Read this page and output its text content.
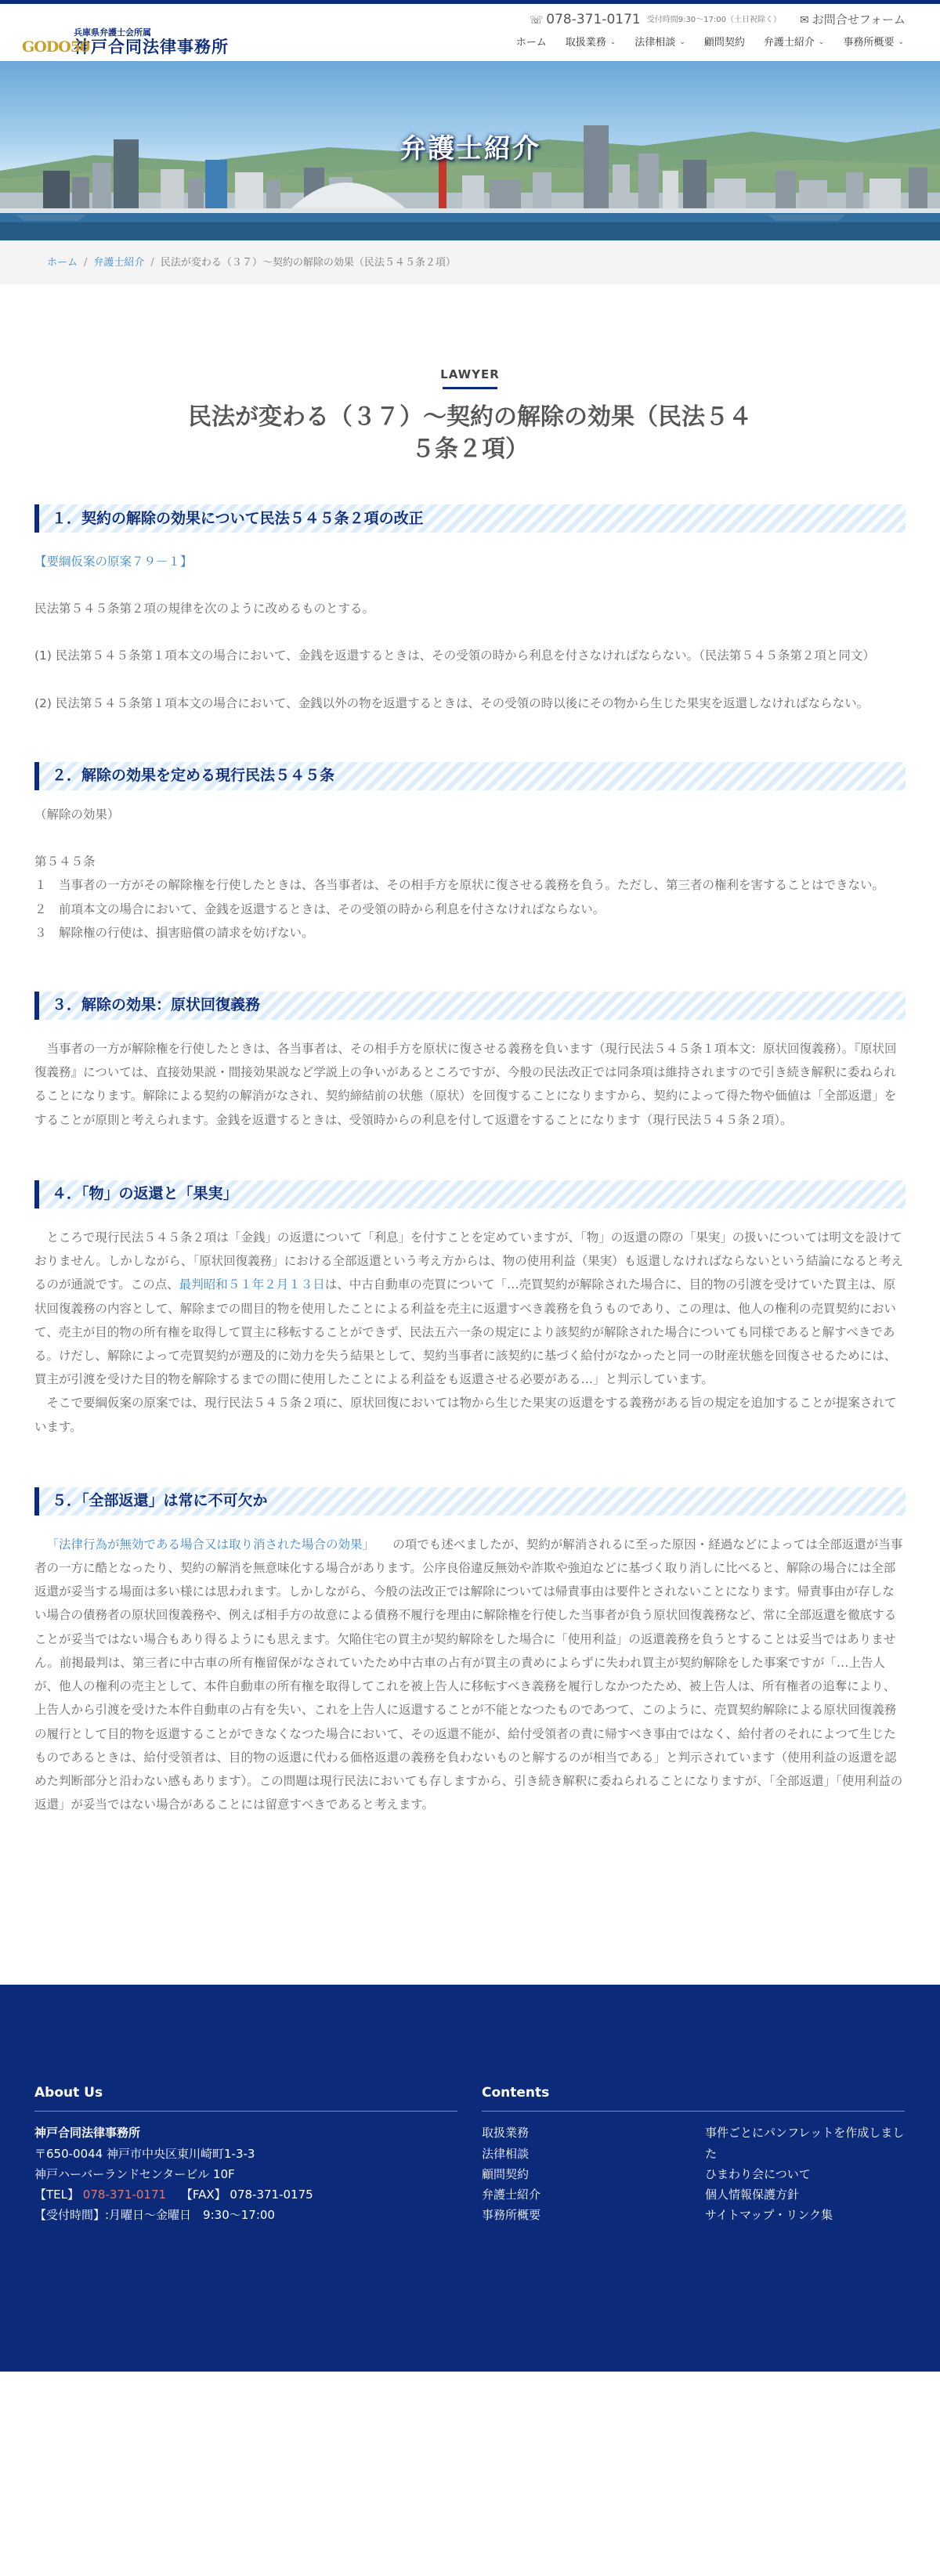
GODO50
兵庫県弁護士会所属
神戸合同法律事務所
☏ 078-371-0171 受付時間9:30〜17:00（土日祝除く） ✉ お問合せフォーム
ホーム 取扱業務 ⌄ 法律相談 ⌄ 顧問契約 弁護士紹介 ⌄ 事務所概要 ⌄
弁護士紹介
ホーム / 弁護士紹介 / 民法が変わる（３７）〜契約の解除の効果（民法５４５条２項）
LAWYER
民法が変わる（３７）〜契約の解除の効果（民法５４５条２項）
１．契約の解除の効果について民法５４５条２項の改正

【要綱仮案の原案７９－１】

民法第５４５条第２項の規律を次のように改めるものとする。

(1) 民法第５４５条第１項本文の場合において、金銭を返還するときは、その受領の時から利息を付さなければならない。（民法第５４５条第２項と同文）

(2) 民法第５４５条第１項本文の場合において、金銭以外の物を返還するときは、その受領の時以後にその物から生じた果実を返還しなければならない。

２．解除の効果を定める現行民法５４５条

（解除の効果）

第５４５条

１　当事者の一方がその解除権を行使したときは、各当事者は、その相手方を原状に復させる義務を負う。ただし、第三者の権利を害することはできない。

２　前項本文の場合において、金銭を返還するときは、その受領の時から利息を付さなければならない。

３　解除権の行使は、損害賠償の請求を妨げない。

３．解除の効果：原状回復義務

当事者の一方が解除権を行使したときは、各当事者は、その相手方を原状に復させる義務を負います（現行民法５４５条１項本文：原状回復義務）。『原状回復義務』については、直接効果説・間接効果説など学説上の争いがあるところですが、今般の民法改正では同条項は維持されますので引き続き解釈に委ねられることになります。解除による契約の解消がなされ、契約締結前の状態（原状）を回復することになりますから、契約によって得た物や価値は「全部返還」をすることが原則と考えられます。金銭を返還するときは、受領時からの利息を付して返還をすることになります（現行民法５４５条２項）。

４．「物」の返還と「果実」

ところで現行民法５４５条２項は「金銭」の返還について「利息」を付すことを定めていますが、「物」の返還の際の「果実」の扱いについては明文を設けておりません。しかしながら、「原状回復義務」における全部返還という考え方からは、物の使用利益（果実）も返還しなければならないという結論になると考えるのが通説です。この点、最判昭和５１年２月１３日は、中古自動車の売買について「…売買契約が解除された場合に、目的物の引渡を受けていた買主は、原状回復義務の内容として、解除までの間目的物を使用したことによる利益を売主に返還すべき義務を負うものであり、この理は、他人の権利の売買契約において、売主が目的物の所有権を取得して買主に移転することができず、民法五六一条の規定により該契約が解除された場合についても同様であると解すべきである。けだし、解除によって売買契約が遡及的に効力を失う結果として、契約当事者に該契約に基づく給付がなかったと同一の財産状態を回復させるためには、買主が引渡を受けた目的物を解除するまでの間に使用したことによる利益をも返還させる必要がある…」と判示しています。

そこで要綱仮案の原案では、現行民法５４５条２項に、原状回復においては物から生じた果実の返還をする義務がある旨の規定を追加することが提案されています。

５．「全部返還」は常に不可欠か

「法律行為が無効である場合又は取り消された場合の効果」 の項でも述べましたが、契約が解消されるに至った原因・経過などによっては全部返還が当事者の一方に酷となったり、契約の解消を無意味化する場合があります。公序良俗違反無効や詐欺や強迫などに基づく取り消しに比べると、解除の場合には全部返還が妥当する場面は多い様には思われます。しかしながら、今般の法改正では解除については帰責事由は要件とされないことになります。帰責事由が存しない場合の債務者の原状回復義務や、例えば相手方の故意による債務不履行を理由に解除権を行使した当事者が負う原状回復義務など、常に全部返還を徹底することが妥当ではない場合もあり得るようにも思えます。欠陥住宅の買主が契約解除をした場合に「使用利益」の返還義務を負うとすることは妥当ではありません。前掲最判は、第三者に中古車の所有権留保がなされていたため中古車の占有が買主の責めによらずに失われ買主が契約解除をした事案ですが「…上告人が、他人の権利の売主として、本件自動車の所有権を取得してこれを被上告人に移転すべき義務を履行しなかつたため、被上告人は、所有権者の追奪により、上告人から引渡を受けた本件自動車の占有を失い、これを上告人に返還することが不能となつたものであつて、このように、売買契約解除による原状回復義務の履行として目的物を返還することができなくなつた場合において、その返還不能が、給付受領者の責に帰すべき事由ではなく、給付者のそれによつて生じたものであるときは、給付受領者は、目的物の返還に代わる価格返還の義務を負わないものと解するのが相当である」と判示されています（使用利益の返還を認めた判断部分と沿わない感もあります）。この問題は現行民法においても存しますから、引き続き解釈に委ねられることになりますが、「全部返還」「使用利益の返還」が妥当ではない場合があることには留意すべきであると考えます。

About Us
神戸合同法律事務所
〒650-0044 神戸市中央区東川崎町1-3-3
神戸ハーバーランドセンタービル 10F
【TEL】 078-371-0171 【FAX】 078-371-0175
【受付時間】:月曜日～金曜日　9:30～17:00
Contents
取扱業務
法律相談
顧問契約
弁護士紹介
事務所概要
事件ごとにパンフレットを作成しました
ひまわり会について
個人情報保護方針
サイトマップ・リンク集
